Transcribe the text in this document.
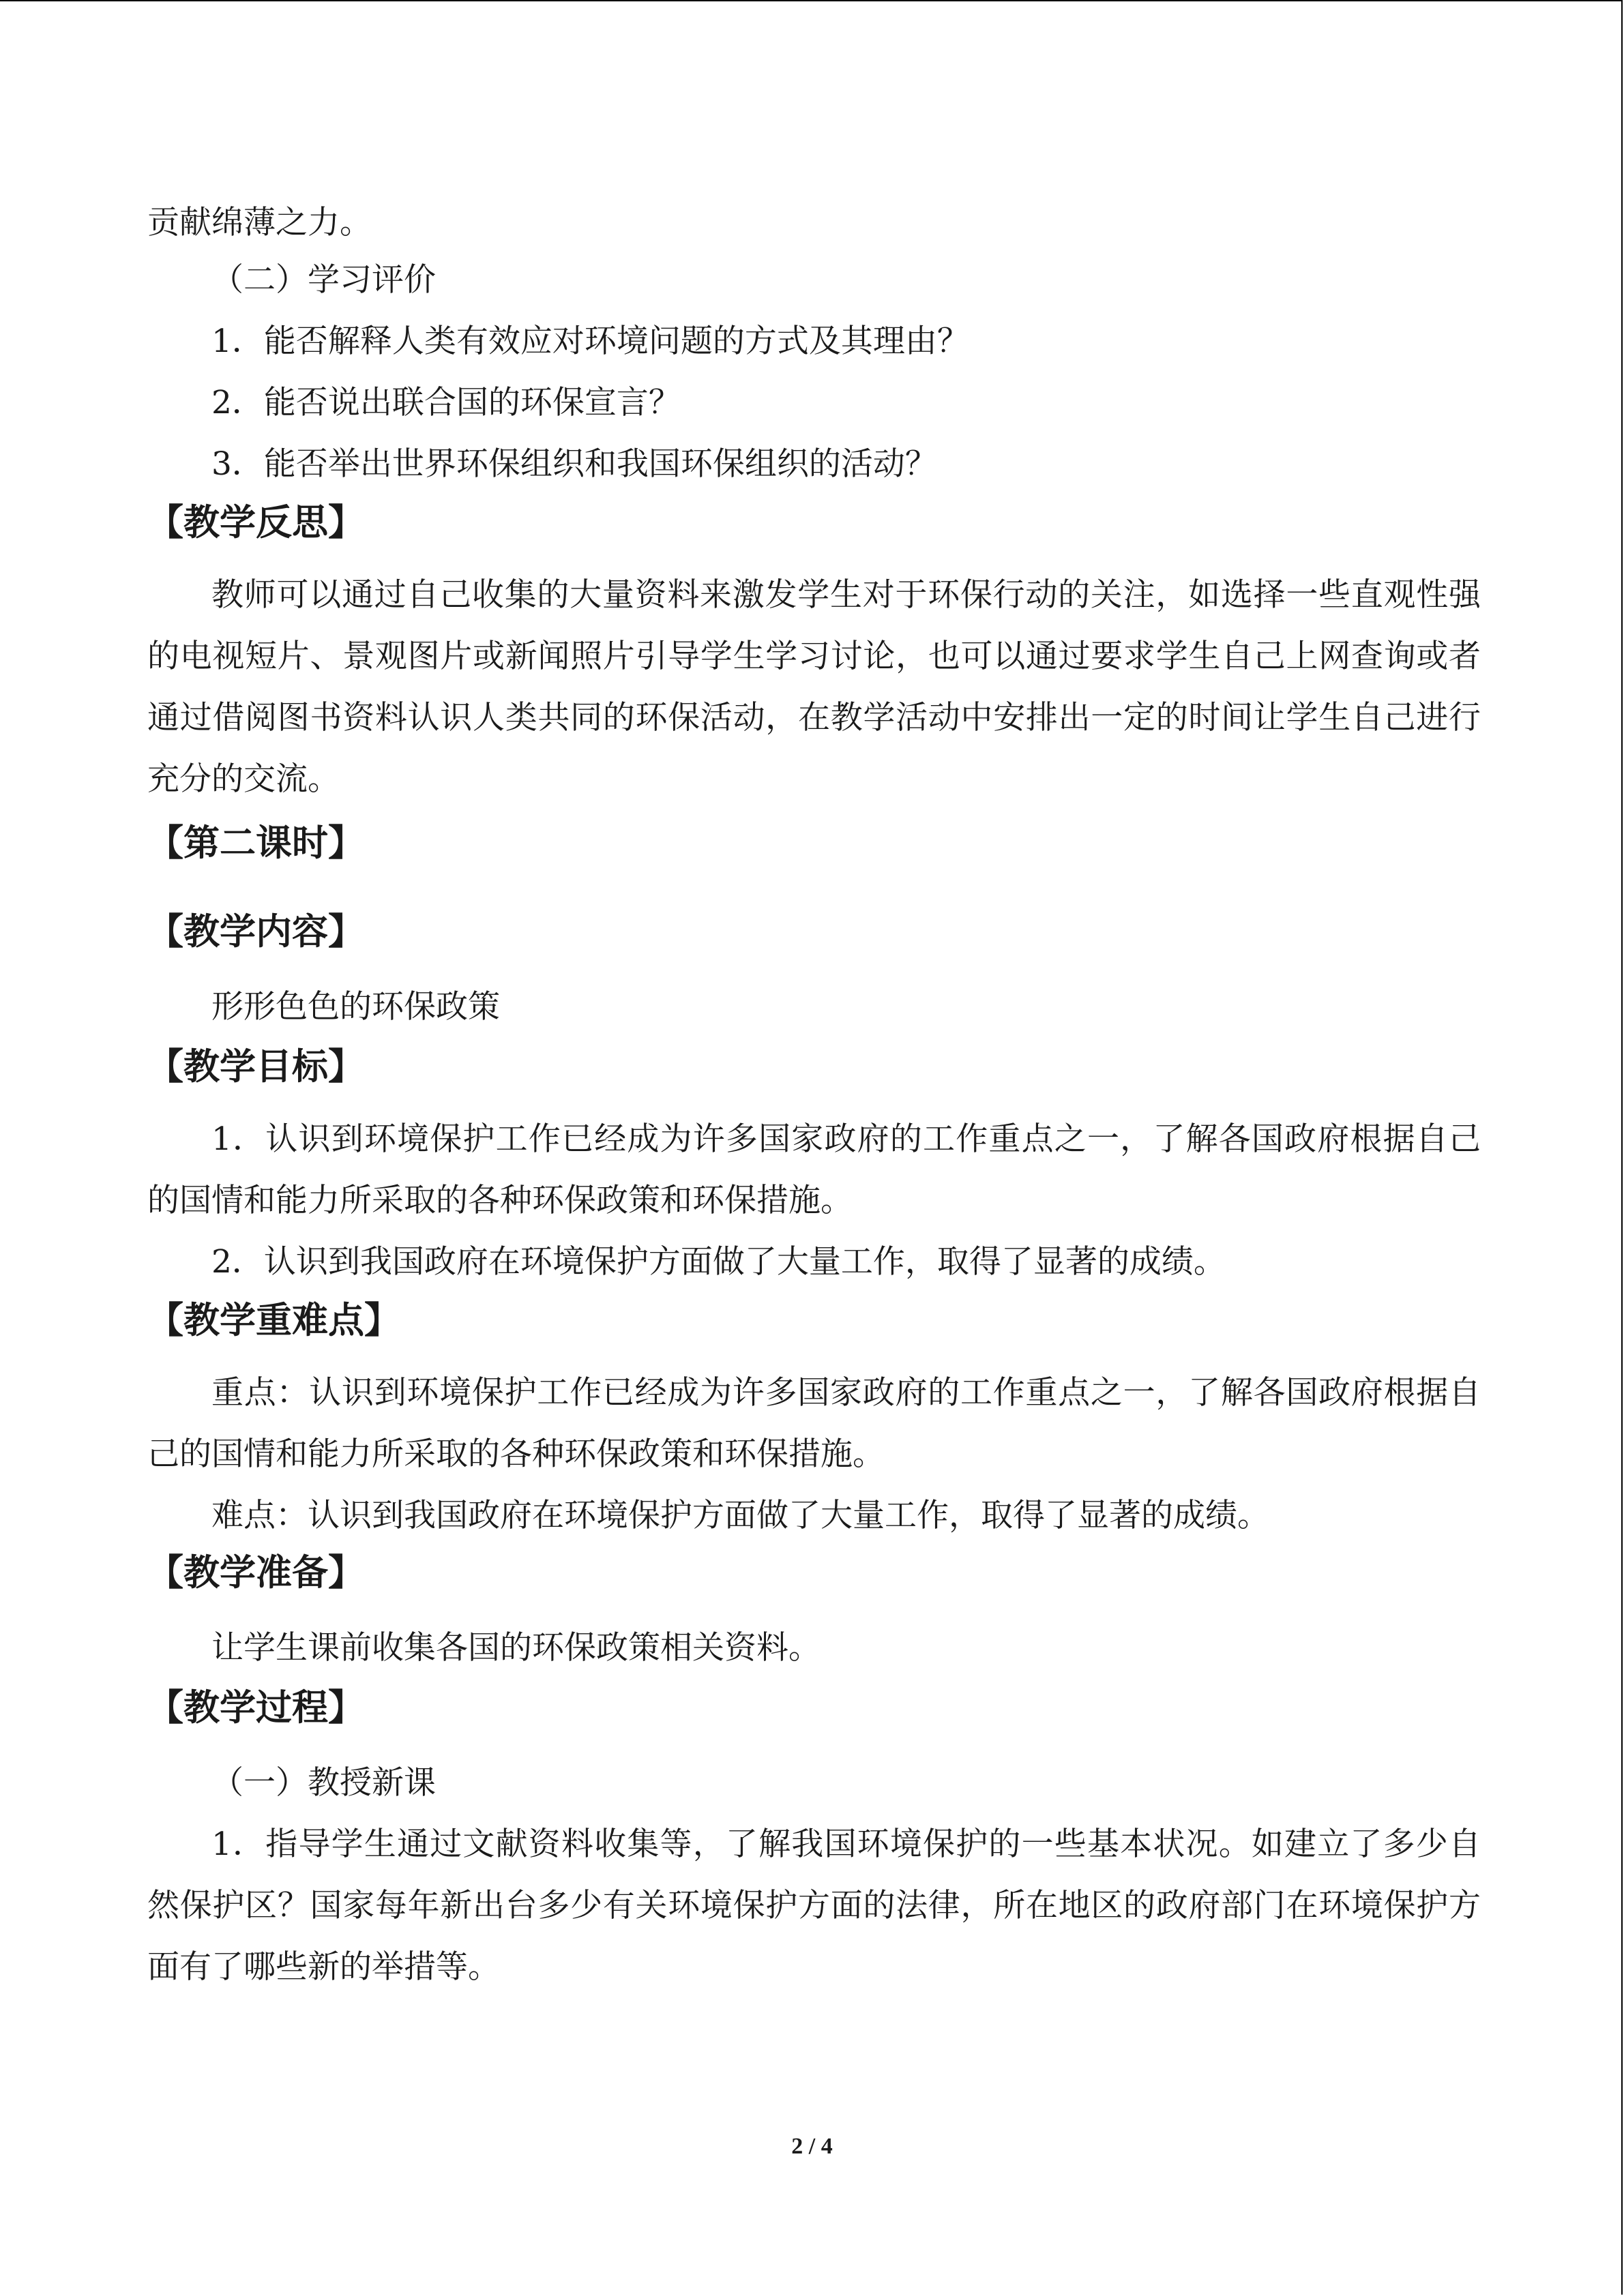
贡献绵薄之力。
（二）学习评价
1．能否解释人类有效应对环境问题的方式及其理由？
2．能否说出联合国的环保宣言？
3．能否举出世界环保组织和我国环保组织的活动？
【教学反思】

教师可以通过自己收集的大量资料来激发学生对于环保行动的关注，如选择一些直观性强的电视短片、景观图片或新闻照片引导学生学习讨论，也可以通过要求学生自己上网查询或者通过借阅图书资料认识人类共同的环保活动，在教学活动中安排出一定的时间让学生自己进行充分的交流。

【第二课时】
【教学内容】
形形色色的环保政策
【教学目标】

1．认识到环境保护工作已经成为许多国家政府的工作重点之一，了解各国政府根据自己的国情和能力所采取的各种环保政策和环保措施。

2．认识到我国政府在环境保护方面做了大量工作，取得了显著的成绩。

【教学重难点】

重点：认识到环境保护工作已经成为许多国家政府的工作重点之一，了解各国政府根据自己的国情和能力所采取的各种环保政策和环保措施。

难点：认识到我国政府在环境保护方面做了大量工作，取得了显著的成绩。

【教学准备】
让学生课前收集各国的环保政策相关资料。
【教学过程】
（一）教授新课

1．指导学生通过文献资料收集等，了解我国环境保护的一些基本状况。如建立了多少自然保护区？国家每年新出台多少有关环境保护方面的法律，所在地区的政府部门在环境保护方面有了哪些新的举措等。

2 / 4
